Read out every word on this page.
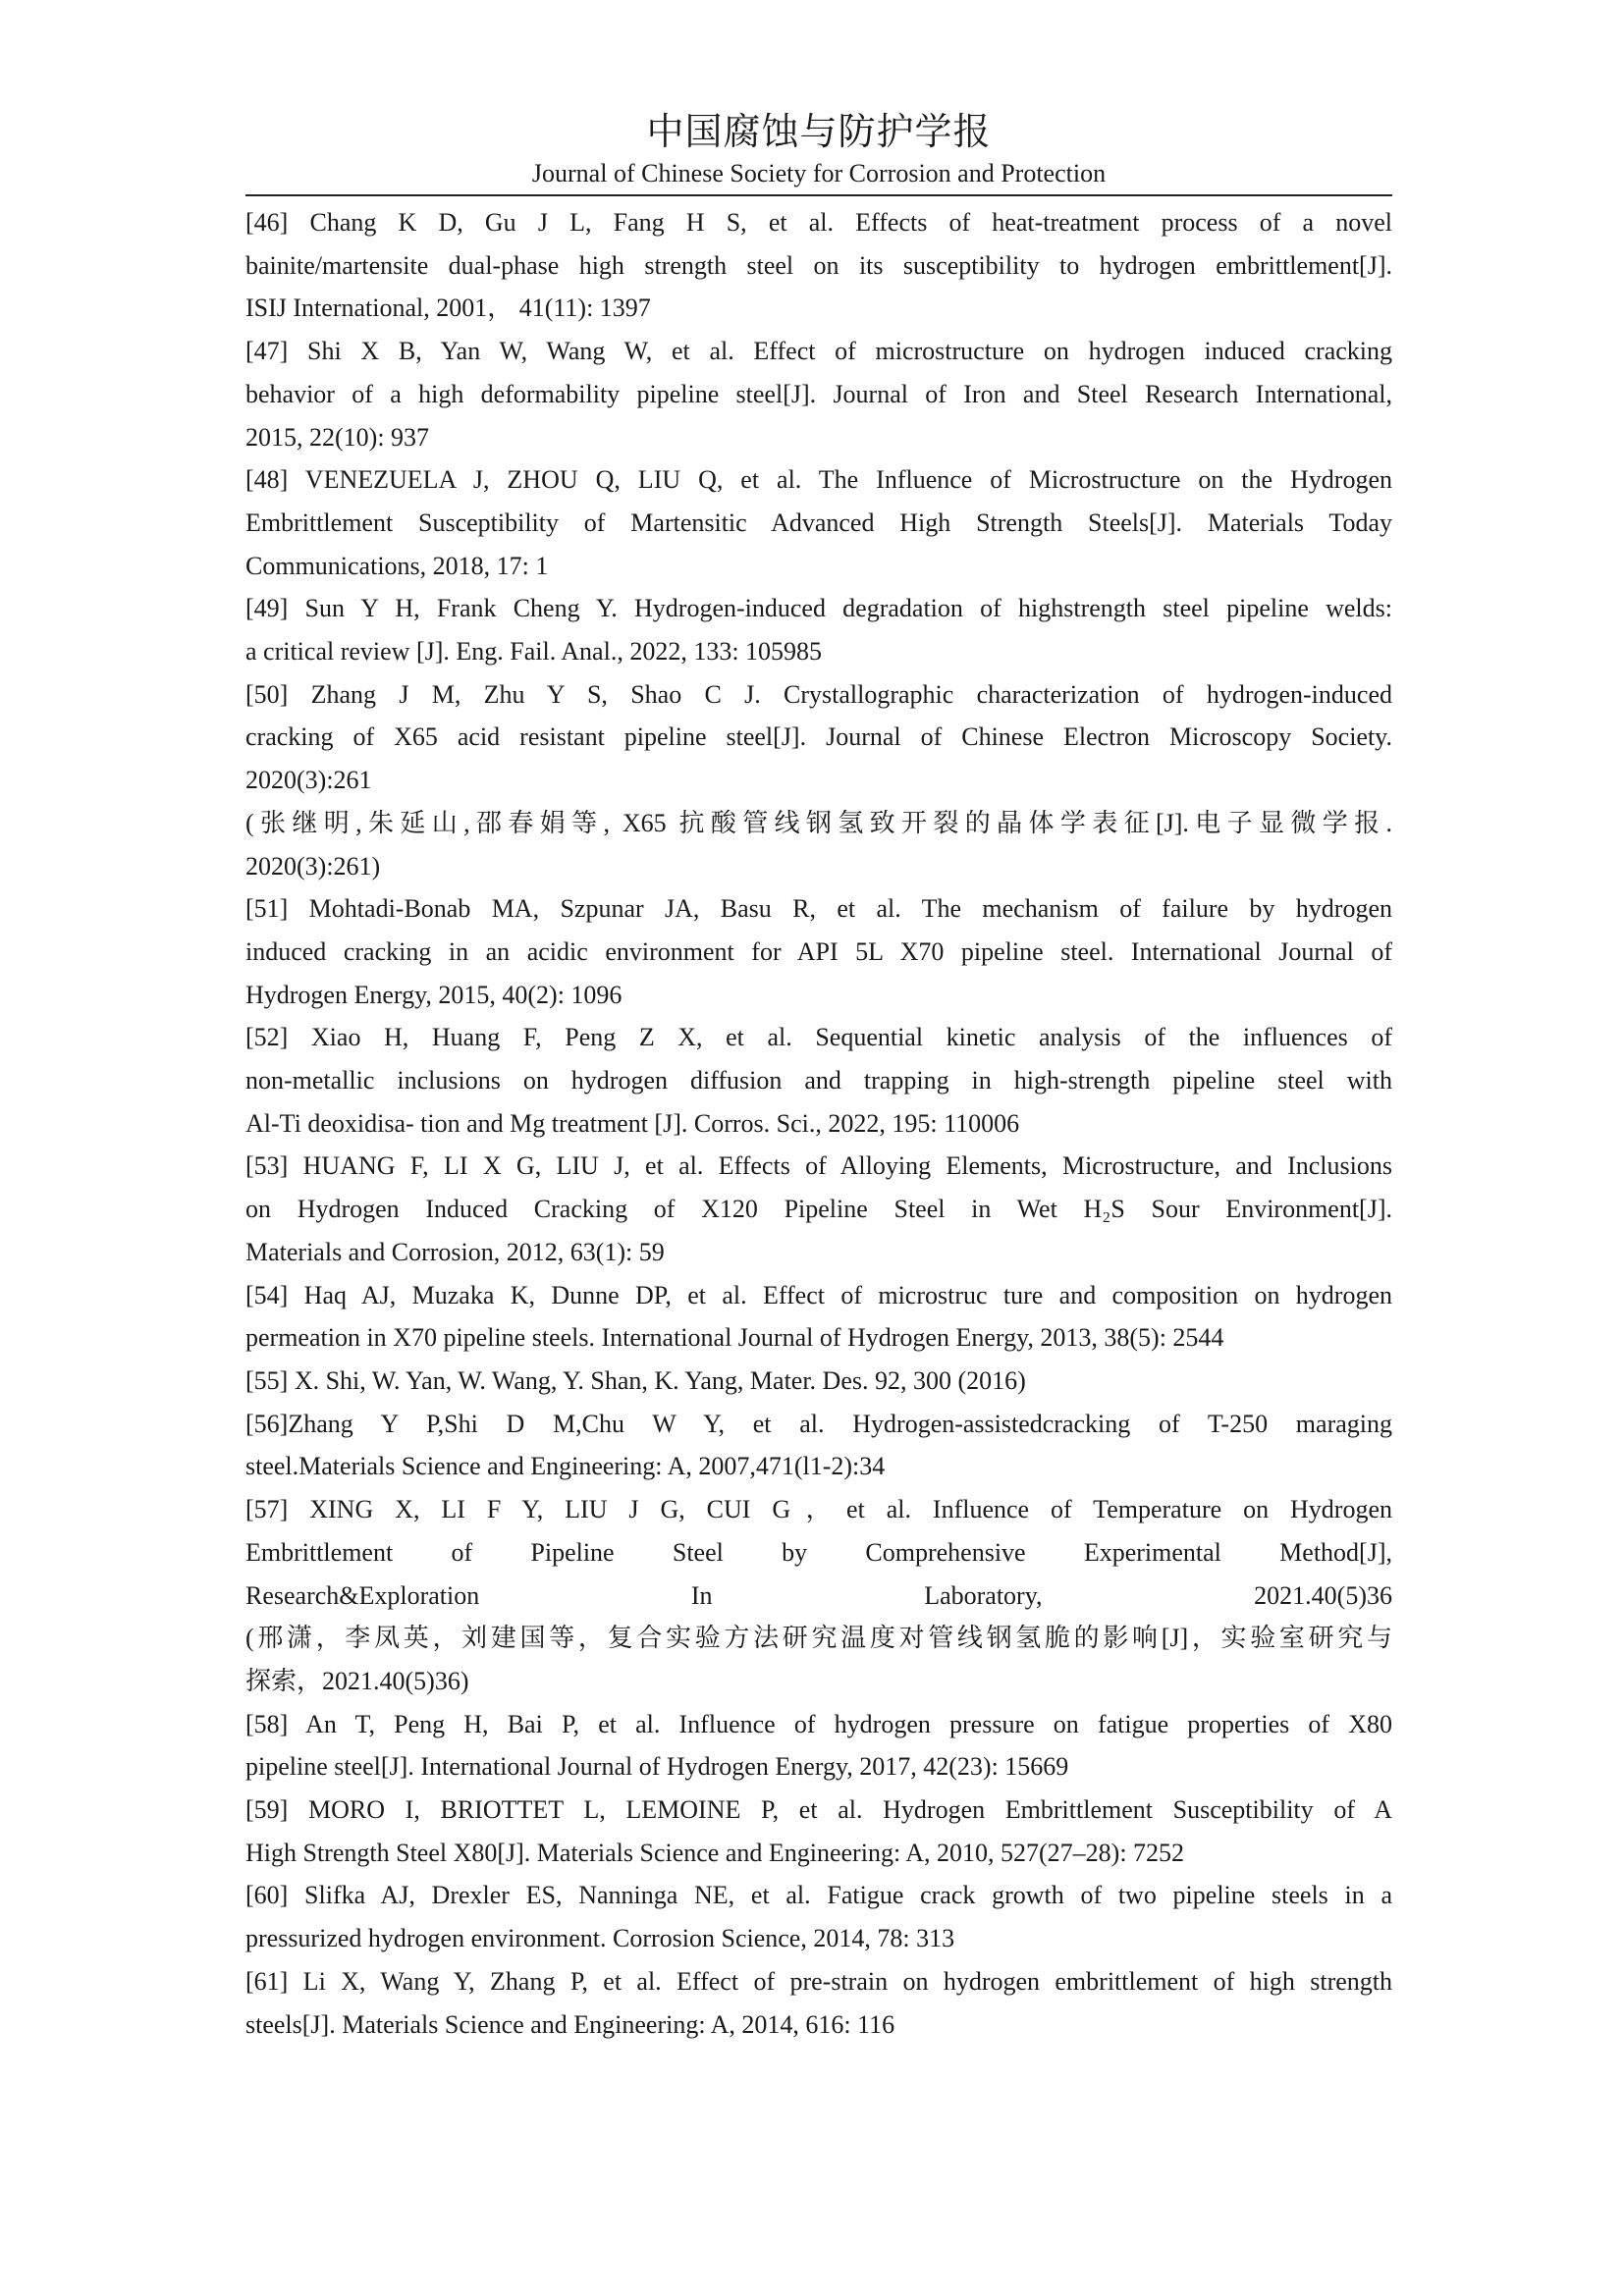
中国腐蚀与防护学报
Journal of Chinese Society for Corrosion and Protection
[46] Chang K D, Gu J L, Fang H S, et al. Effects of heat-treatment process of a novel
bainite/martensite dual-phase high strength steel on its susceptibility to hydrogen embrittlement[J].
ISIJ International, 2001， 41(11): 1397
[47] Shi X B, Yan W, Wang W, et al. Effect of microstructure on hydrogen induced cracking
behavior of a high deformability pipeline steel[J]. Journal of Iron and Steel Research International,
2015, 22(10): 937
[48] VENEZUELA J, ZHOU Q, LIU Q, et al. The Influence of Microstructure on the Hydrogen
Embrittlement Susceptibility of Martensitic Advanced High Strength Steels[J]. Materials Today
Communications, 2018, 17: 1
[49] Sun Y H, Frank Cheng Y. Hydrogen-induced degradation of highstrength steel pipeline welds:
a critical review [J]. Eng. Fail. Anal., 2022, 133: 105985
[50] Zhang J M, Zhu Y S, Shao C J. Crystallographic characterization of hydrogen-induced
cracking of X65 acid resistant pipeline steel[J]. Journal of Chinese Electron Microscopy Society.
2020(3):261
(张继明,朱延山,邵春娟等, X65 抗酸管线钢氢致开裂的晶体学表征[J].电子显微学报.
2020(3):261)
[51] Mohtadi-Bonab MA, Szpunar JA, Basu R, et al. The mechanism of failure by hydrogen
induced cracking in an acidic environment for API 5L X70 pipeline steel. International Journal of
Hydrogen Energy, 2015, 40(2): 1096
[52] Xiao H, Huang F, Peng Z X, et al. Sequential kinetic analysis of the influences of
non-metallic inclusions on hydrogen diffusion and trapping in high-strength pipeline steel with
Al-Ti deoxidisa- tion and Mg treatment [J]. Corros. Sci., 2022, 195: 110006
[53] HUANG F, LI X G, LIU J, et al. Effects of Alloying Elements, Microstructure, and Inclusions
on Hydrogen Induced Cracking of X120 Pipeline Steel in Wet H₂S Sour Environment[J].
Materials and Corrosion, 2012, 63(1): 59
[54] Haq AJ, Muzaka K, Dunne DP, et al. Effect of microstruc ture and composition on hydrogen
permeation in X70 pipeline steels. International Journal of Hydrogen Energy, 2013, 38(5): 2544
[55] X. Shi, W. Yan, W. Wang, Y. Shan, K. Yang, Mater. Des. 92, 300 (2016)
[56]Zhang Y P,Shi D M,Chu W Y, et al. Hydrogen-assistedcracking of T-250 maraging
steel.Materials Science and Engineering: A, 2007,471(l1-2):34
[57] XING X, LI F Y, LIU J G, CUI G，et al. Influence of Temperature on Hydrogen
Embrittlement of Pipeline Steel by Comprehensive Experimental Method[J],
Research&Exploration In Laboratory, 2021.40(5)36
(邢潇，李凤英，刘建国等，复合实验方法研究温度对管线钢氢脆的影响[J]，实验室研究与
探索，2021.40(5)36)
[58] An T, Peng H, Bai P, et al. Influence of hydrogen pressure on fatigue properties of X80
pipeline steel[J]. International Journal of Hydrogen Energy, 2017, 42(23): 15669
[59] MORO I, BRIOTTET L, LEMOINE P, et al. Hydrogen Embrittlement Susceptibility of A
High Strength Steel X80[J]. Materials Science and Engineering: A, 2010, 527(27–28): 7252
[60] Slifka AJ, Drexler ES, Nanninga NE, et al. Fatigue crack growth of two pipeline steels in a
pressurized hydrogen environment. Corrosion Science, 2014, 78: 313
[61] Li X, Wang Y, Zhang P, et al. Effect of pre-strain on hydrogen embrittlement of high strength
steels[J]. Materials Science and Engineering: A, 2014, 616: 116
